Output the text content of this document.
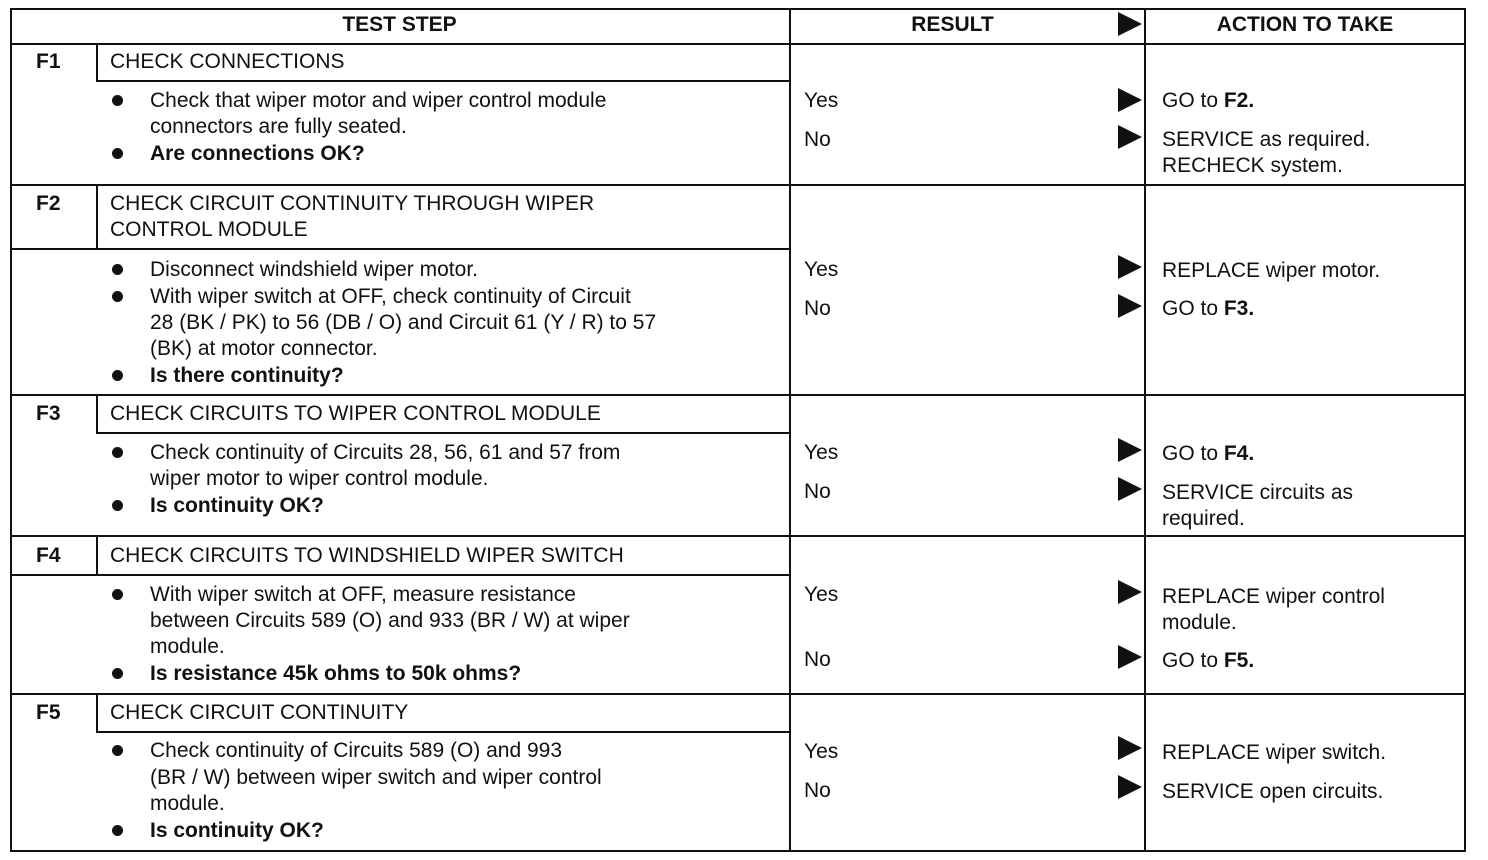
TEST STEP	RESULT	ACTION TO TAKE
F1 CHECK CONNECTIONS
Check that wiper motor and wiper control module
connectors are fully seated.
Are connections OK?
Yes	GO to F2.
No	SERVICE as required.
RECHECK system.
F2 CHECK CIRCUIT CONTINUITY THROUGH WIPER
CONTROL MODULE
Disconnect windshield wiper motor.
With wiper switch at OFF, check continuity of Circuit
28 (BK / PK) to 56 (DB / O) and Circuit 61 (Y / R) to 57
(BK) at motor connector.
Is there continuity?
Yes	REPLACE wiper motor.
No	GO to F3.
F3 CHECK CIRCUITS TO WIPER CONTROL MODULE
Check continuity of Circuits 28, 56, 61 and 57 from
wiper motor to wiper control module.
Is continuity OK?
Yes	GO to F4.
No	SERVICE circuits as
required.
F4 CHECK CIRCUITS TO WINDSHIELD WIPER SWITCH
With wiper switch at OFF, measure resistance
between Circuits 589 (O) and 933 (BR / W) at wiper
module.
Is resistance 45k ohms to 50k ohms?
Yes	REPLACE wiper control
module.
No	GO to F5.
F5 CHECK CIRCUIT CONTINUITY
Check continuity of Circuits 589 (O) and 993
(BR / W) between wiper switch and wiper control
module.
Is continuity OK?
Yes	REPLACE wiper switch.
No	SERVICE open circuits.
